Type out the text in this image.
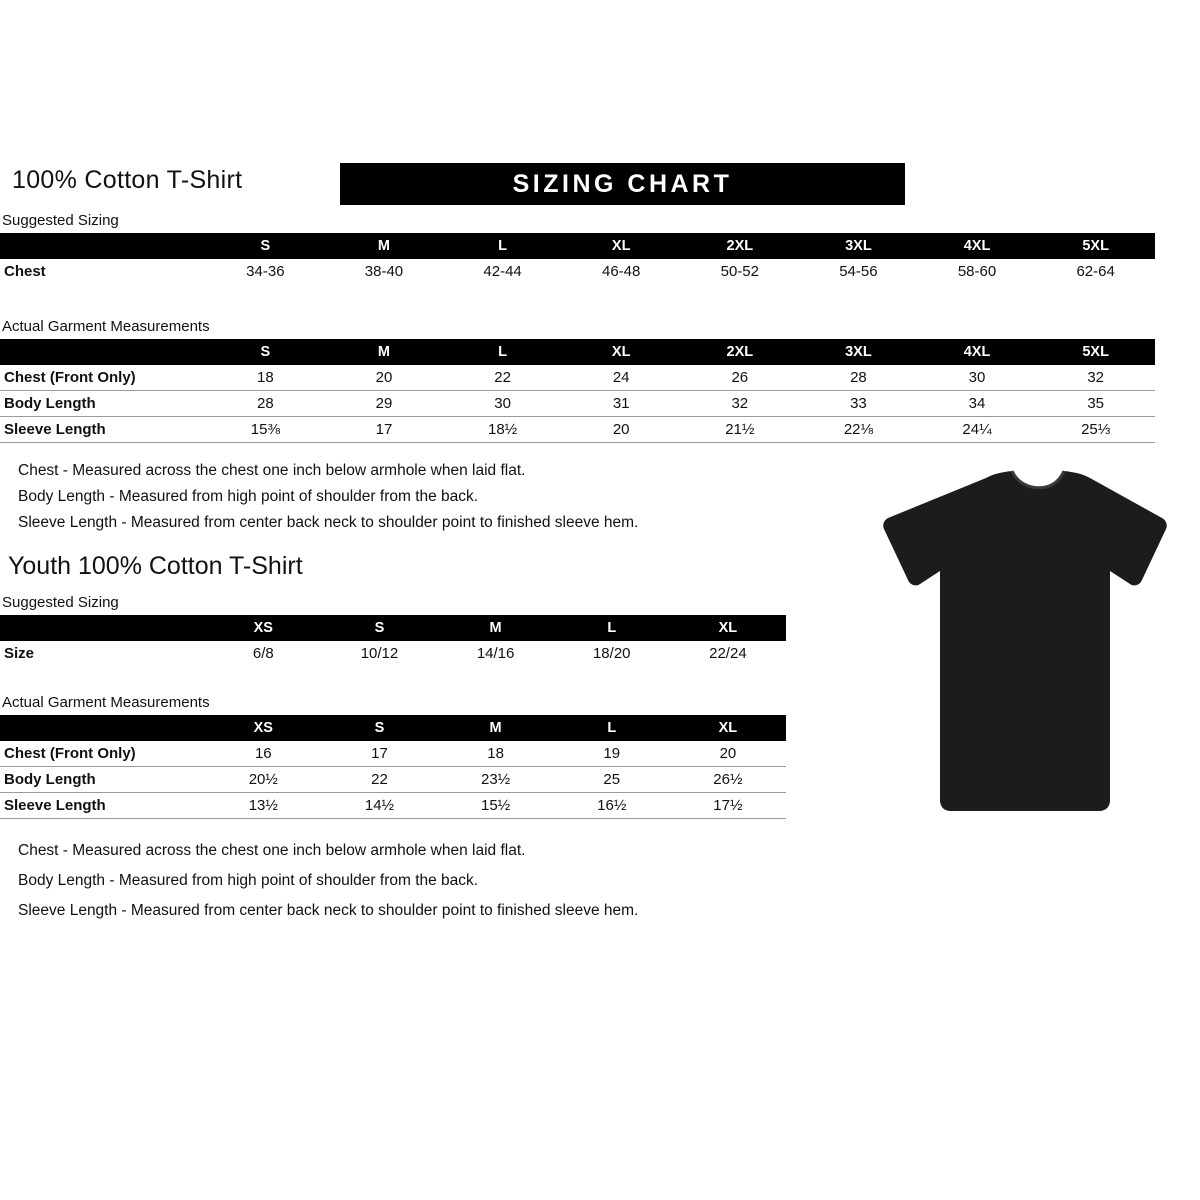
100% Cotton T-Shirt	SIZING CHART
Suggested Sizing
	S	M	L	XL	2XL	3XL	4XL	5XL
Chest	34-36	38-40	42-44	46-48	50-52	54-56	58-60	62-64
Actual Garment Measurements
	S	M	L	XL	2XL	3XL	4XL	5XL
Chest (Front Only)	18	20	22	24	26	28	30	32
Body Length	28	29	30	31	32	33	34	35
Sleeve Length	15⅜	17	18½	20	21½	22⅛	24¼	25⅓
Chest - Measured across the chest one inch below armhole when laid flat.
Body Length - Measured from high point of shoulder from the back.
Sleeve Length - Measured from center back neck to shoulder point to finished sleeve hem.
Youth 100% Cotton T-Shirt
Suggested Sizing
	XS	S	M	L	XL
Size	6/8	10/12	14/16	18/20	22/24
Actual Garment Measurements
	XS	S	M	L	XL
Chest (Front Only)	16	17	18	19	20
Body Length	20½	22	23½	25	26½
Sleeve Length	13½	14½	15½	16½	17½
Chest - Measured across the chest one inch below armhole when laid flat.
Body Length - Measured from high point of shoulder from the back.
Sleeve Length - Measured from center back neck to shoulder point to finished sleeve hem.
